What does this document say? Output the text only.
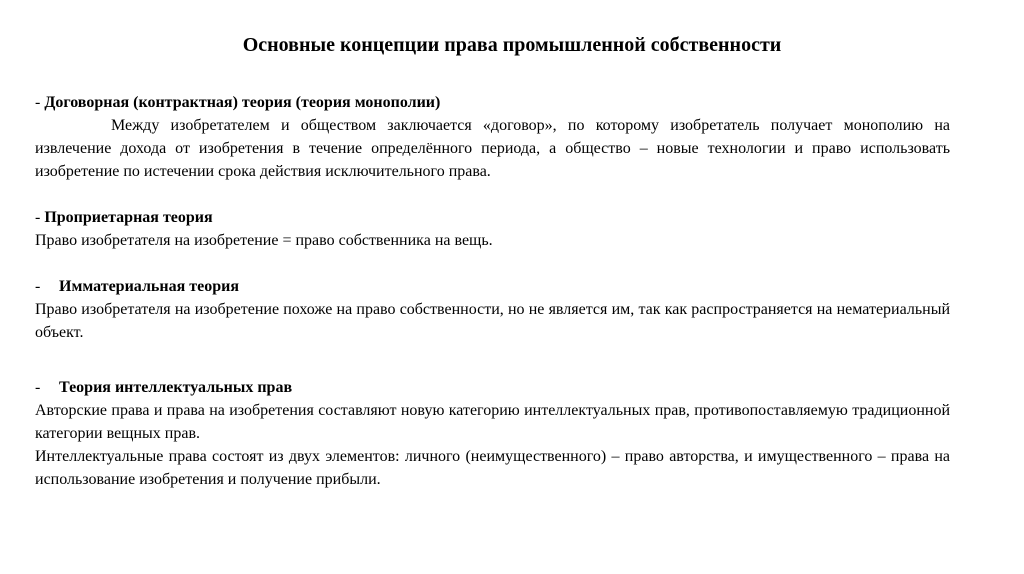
Основные концепции права промышленной собственности
- Договорная (контрактная) теория (теория монополии)

Между изобретателем и обществом заключается «договор», по которому изобретатель получает монополию на извлечение дохода от изобретения в течение определённого периода, а общество – новые технологии и право использовать изобретение по истечении срока действия исключительного права.

- Проприетарная теория

Право изобретателя на изобретение = право собственника на вещь.

- Имматериальная теория

Право изобретателя на изобретение похоже на право собственности, но не является им, так как распространяется на нематериальный объект.

- Теория интеллектуальных прав

Авторские права и права на изобретения составляют новую категорию интеллектуальных прав, противопоставляемую традиционной категории вещных прав.

Интеллектуальные права состоят из двух элементов: личного (неимущественного) – право авторства, и имущественного – права на использование изобретения и получение прибыли.
